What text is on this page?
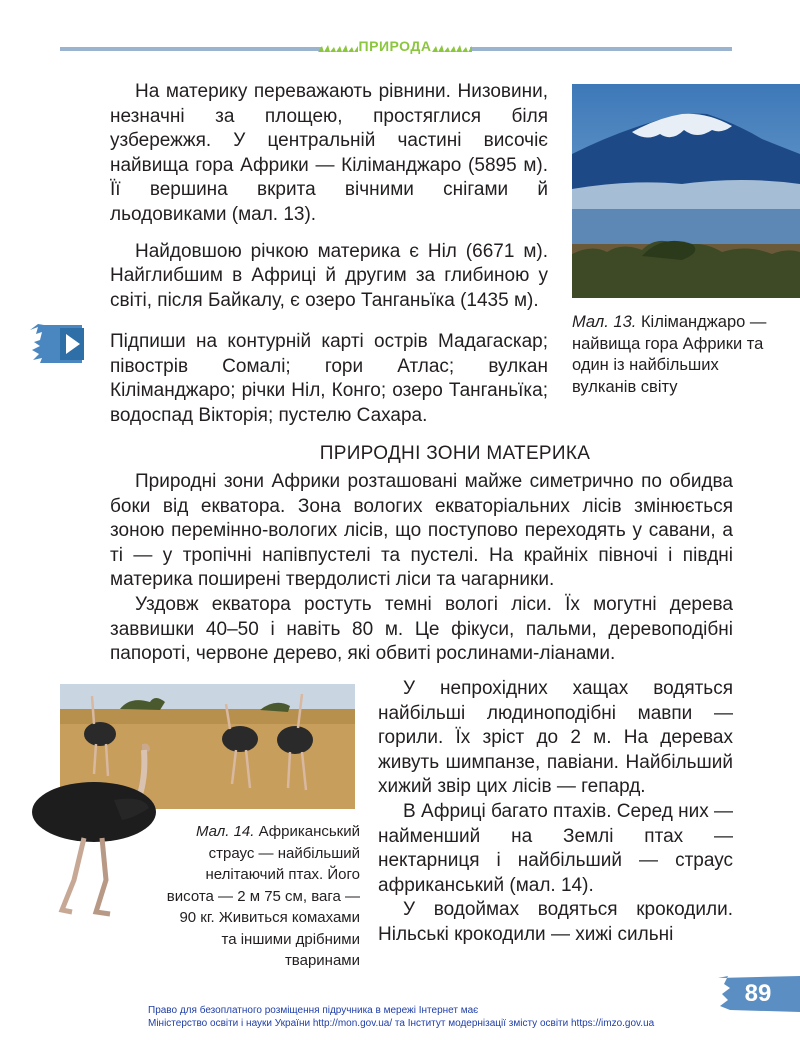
ПРИРОДА

На материку переважають рівнини. Низовини, незначні за площею, простяглися біля узбережжя. У центральній частині височіє найвища гора Африки — Кіліманджаро (5895 м). Її вершина вкрита вічними снігами й льодовиками (мал. 13).

Найдовшою річкою материка є Ніл (6671 м). Найглибшим в Африці й другим за глибиною у світі, після Байкалу, є озеро Танганьїка (1435 м).

Підпиши на контурній карті острів Мадагаскар; півострів Сомалі; гори Атлас; вулкан Кіліманджаро; річки Ніл, Конго; озеро Танганьїка; водоспад Вікторія; пустелю Сахара.

Мал. 13. Кіліманджаро — найвища гора Африки та один із найбільших вулканів світу
ПРИРОДНІ ЗОНИ МАТЕРИКА

Природні зони Африки розташовані майже симетрично по обидва боки від екватора. Зона вологих екваторіальних лісів змінюється зоною перемінно-вологих лісів, що поступово переходять у савани, а ті — у тропічні напівпустелі та пустелі. На крайніх півночі і півдні материка поширені твердолисті ліси та чагарники.

Уздовж екватора ростуть темні вологі ліси. Їх могутні дерева заввишки 40–50 і навіть 80 м. Це фікуси, пальми, деревоподібні папороті, червоне дерево, які обвиті рослинами-ліанами.

Мал. 14. Африканський страус — найбільший нелітаючий птах. Його висота — 2 м 75 см, вага — 90 кг. Живиться комахами та іншими дрібними тваринами

У непрохідних хащах водяться найбільші людиноподібні мавпи — горили. Їх зріст до 2 м. На деревах живуть шимпанзе, павіани. Найбільший хижий звір цих лісів — гепард.

В Африці багато птахів. Серед них — найменший на Землі птах — нектарниця і найбільший — страус африканський (мал. 14).

У водоймах водяться крокодили. Нільські крокодили — хижі сильні

89
Право для безоплатного розміщення підручника в мережі Інтернет має
Міністерство освіти і науки України http://mon.gov.ua/ та Інститут модернізації змісту освіти https://imzo.gov.ua
